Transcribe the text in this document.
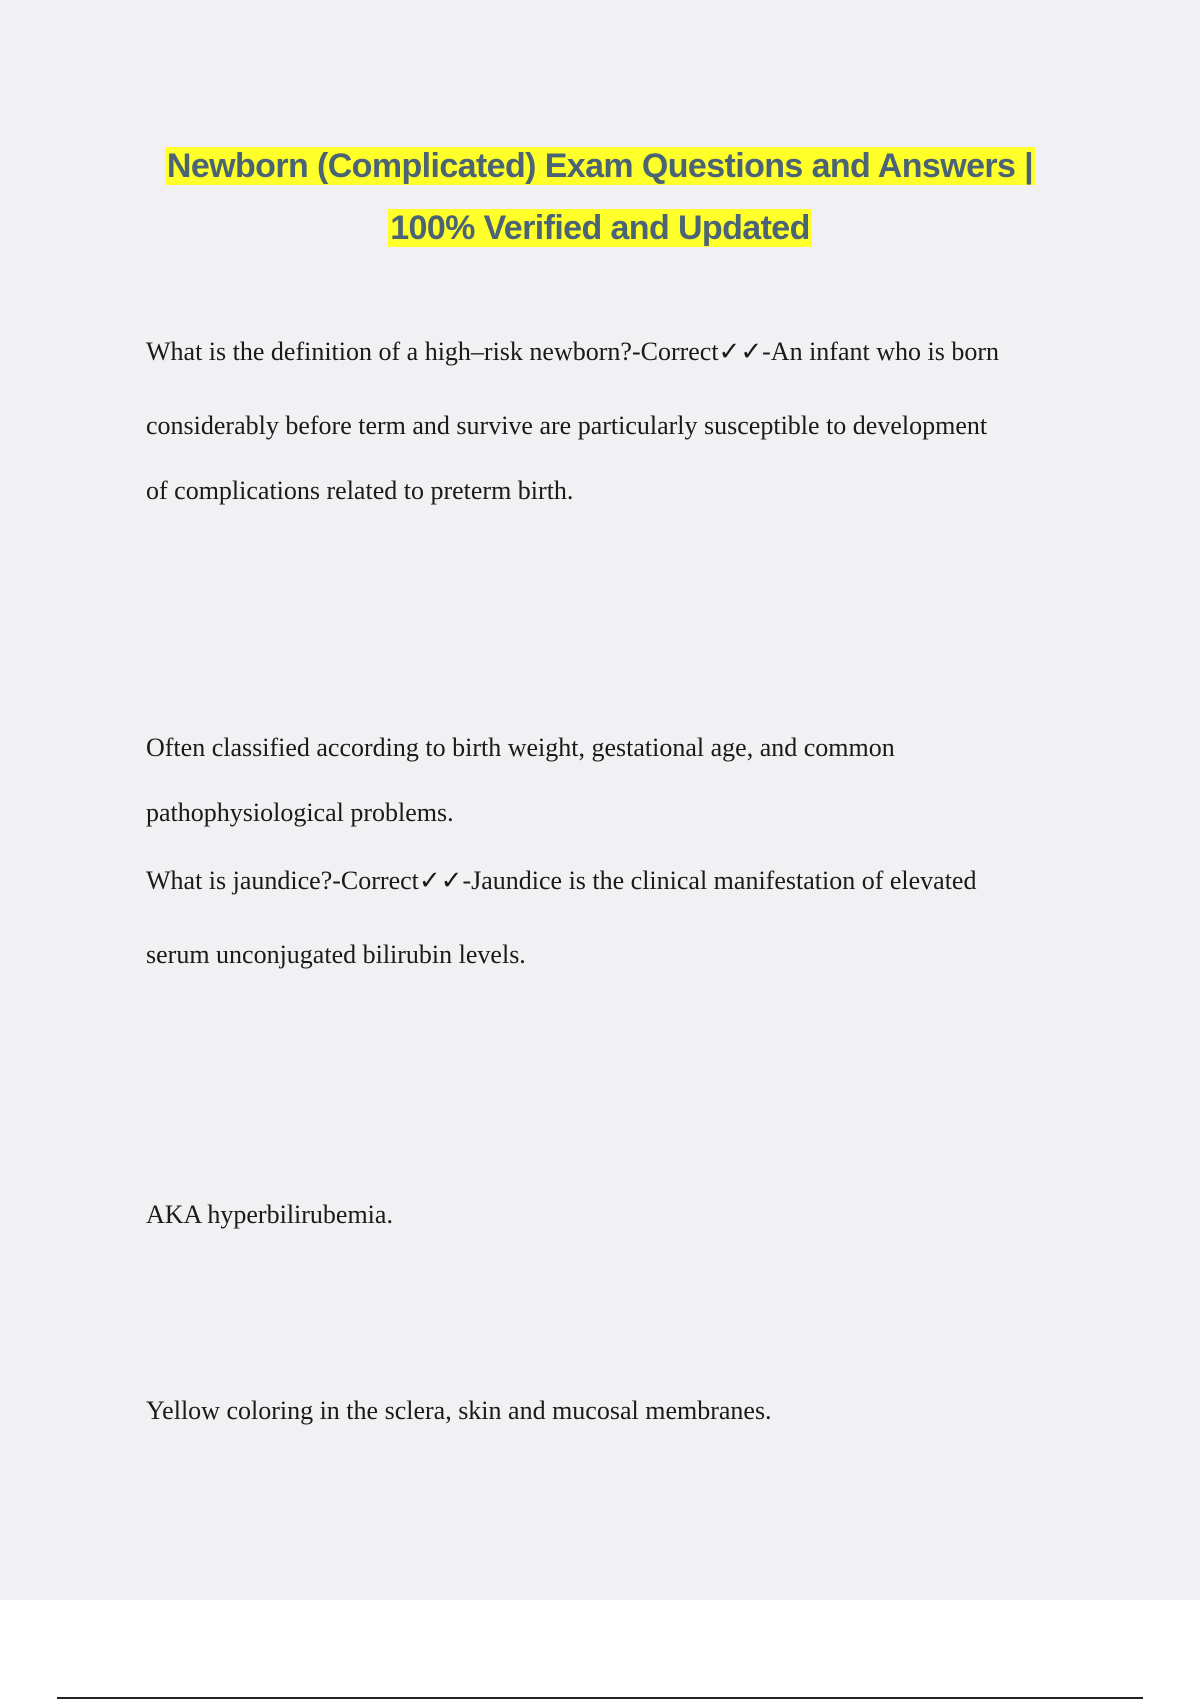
Newborn (Complicated) Exam Questions and Answers |
100% Verified and Updated

What is the definition of a high–risk newborn?-Correct✓✓-An infant who is born

considerably before term and survive are particularly susceptible to development

of complications related to preterm birth.

Often classified according to birth weight, gestational age, and common

pathophysiological problems.

What is jaundice?-Correct✓✓-Jaundice is the clinical manifestation of elevated

serum unconjugated bilirubin levels.

AKA hyperbilirubemia.

Yellow coloring in the sclera, skin and mucosal membranes.
